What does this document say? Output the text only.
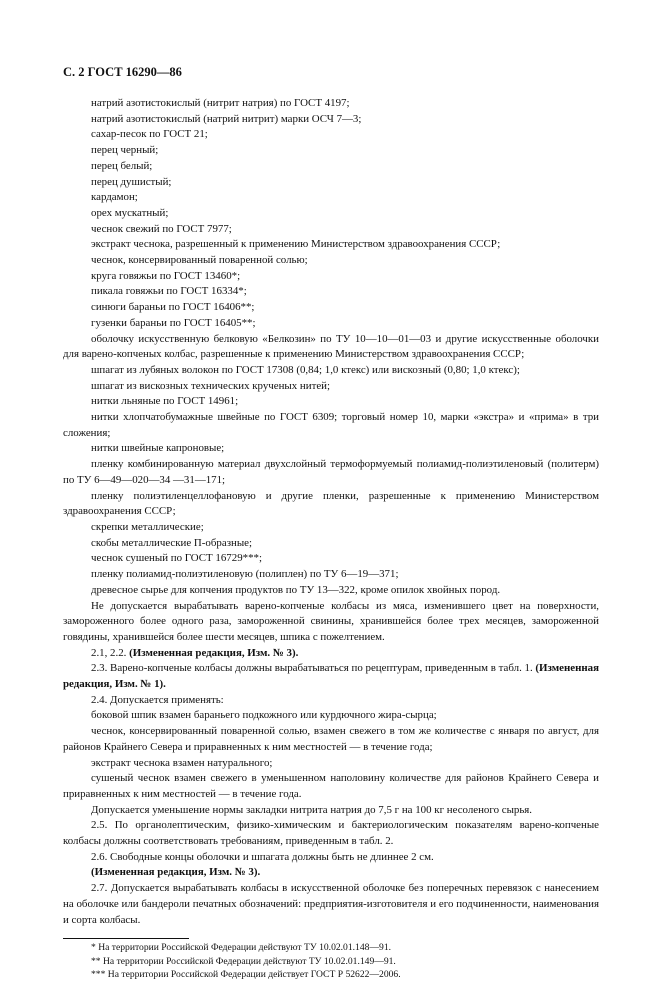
С. 2 ГОСТ 16290—86

натрий азотистокислый (нитрит натрия) по ГОСТ 4197;

натрий азотистокислый (натрий нитрит) марки ОСЧ 7—3;

сахар-песок по ГОСТ 21;

перец черный;

перец белый;

перец душистый;

кардамон;

орех мускатный;

чеснок свежий по ГОСТ 7977;

экстракт чеснока, разрешенный к применению Министерством здравоохранения СССР;

чеснок, консервированный поваренной солью;

круга говяжьи по ГОСТ 13460*;

пикала говяжьи по ГОСТ 16334*;

синюги бараньи по ГОСТ 16406**;

гузенки бараньи по ГОСТ 16405**;

оболочку искусственную белковую «Белкозин» по ТУ 10—10—01—03 и другие искусственные оболочки для варено-копченых колбас, разрешенные к применению Министерством здравоохранения СССР;

шпагат из лубяных волокон по ГОСТ 17308 (0,84; 1,0 ктекс) или вискозный (0,80; 1,0 ктекс);

шпагат из вискозных технических крученых нитей;

нитки льняные по ГОСТ 14961;

нитки хлопчатобумажные швейные по ГОСТ 6309; торговый номер 10, марки «экстра» и «прима» в три сложения;

нитки швейные капроновые;

пленку комбинированную материал двухслойный термоформуемый полиамид-полиэтиленовый (политерм) по ТУ 6—49—020—34 —31—171;

пленку полиэтиленцеллофановую и другие пленки, разрешенные к применению Министерством здравоохранения СССР;

скрепки металлические;

скобы металлические П-образные;

чеснок сушеный по ГОСТ 16729***;

пленку полиамид-полиэтиленовую (полиплен) по ТУ 6—19—371;

древесное сырье для копчения продуктов по ТУ 13—322, кроме опилок хвойных пород.

Не допускается вырабатывать варено-копченые колбасы из мяса, изменившего цвет на поверхности, замороженного более одного раза, замороженной свинины, хранившейся более трех месяцев, замороженной говядины, хранившейся более шести месяцев, шпика с пожелтением.

2.1, 2.2. (Измененная редакция, Изм. № 3).

2.3. Варено-копченые колбасы должны вырабатываться по рецептурам, приведенным в табл. 1. (Измененная редакция, Изм. № 1).

2.4. Допускается применять:

боковой шпик взамен бараньего подкожного или курдючного жира-сырца;

чеснок, консервированный поваренной солью, взамен свежего в том же количестве с января по август, для районов Крайнего Севера и приравненных к ним местностей — в течение года;

экстракт чеснока взамен натурального;

сушеный чеснок взамен свежего в уменьшенном наполовину количестве для районов Крайнего Севера и приравненных к ним местностей — в течение года.

Допускается уменьшение нормы закладки нитрита натрия до 7,5 г на 100 кг несоленого сырья.

2.5. По органолептическим, физико-химическим и бактериологическим показателям варено-копченые колбасы должны соответствовать требованиям, приведенным в табл. 2.

2.6. Свободные концы оболочки и шпагата должны быть не длиннее 2 см.

(Измененная редакция, Изм. № 3).

2.7. Допускается вырабатывать колбасы в искусственной оболочке без поперечных перевязок с нанесением на оболочке или бандероли печатных обозначений: предприятия-изготовителя и его подчиненности, наименования и сорта колбасы.

* На территории Российской Федерации действуют ТУ 10.02.01.148—91.

** На территории Российской Федерации действуют ТУ 10.02.01.149—91.

*** На территории Российской Федерации действует ГОСТ Р 52622—2006.
